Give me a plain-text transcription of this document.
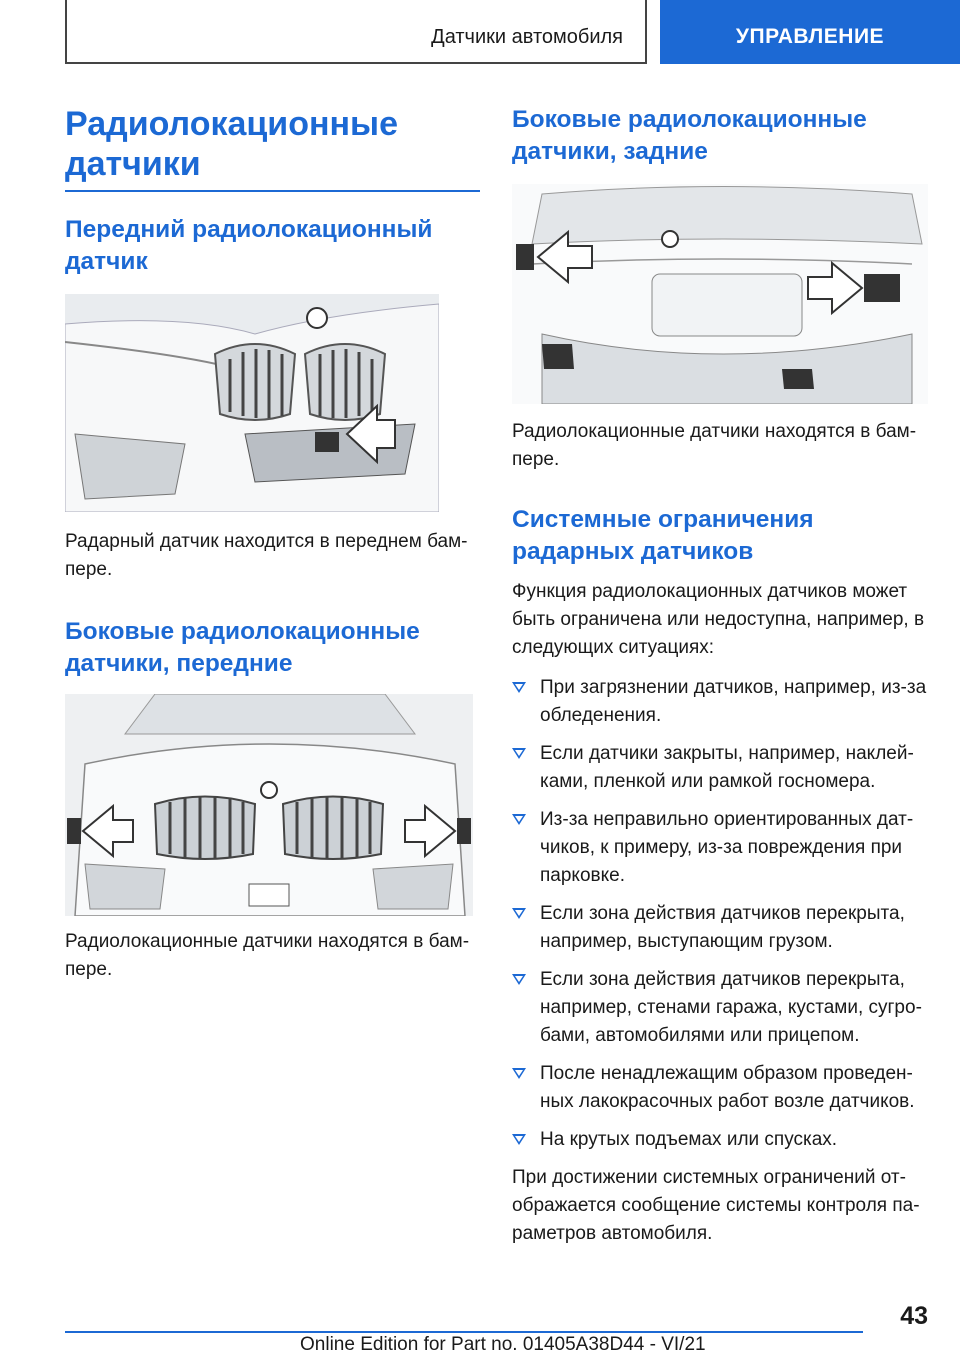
Датчики автомобиля	УПРАВЛЕНИЕ
Радиолокационные датчики
Передний радиолокационный датчик

Радарный датчик находится в переднем бам‐пере.

Боковые радиолокационные датчики, передние

Радиолокационные датчики находятся в бам‐пере.

Боковые радиолокационные датчики, задние

Радиолокационные датчики находятся в бам‐пере.

Системные ограничения радарных датчиков

Функция радиолокационных датчиков может быть ограничена или недоступна, например, в следующих ситуациях:

При загрязнении датчиков, например, из‐за обледенения.
Если датчики закрыты, например, наклей‐ками, пленкой или рамкой госномера.
Из-за неправильно ориентированных дат‐чиков, к примеру, из-за повреждения при парковке.
Если зона действия датчиков перекрыта, например, выступающим грузом.
Если зона действия датчиков перекрыта, например, стенами гаража, кустами, сугро‐бами, автомобилями или прицепом.
После ненадлежащим образом проведен‐ных лакокрасочных работ возле датчиков.
На крутых подъемах или спусках.

При достижении системных ограничений от‐ображается сообщение системы контроля па‐раметров автомобиля.

43
Online Edition for Part no. 01405A38D44 - VI/21
